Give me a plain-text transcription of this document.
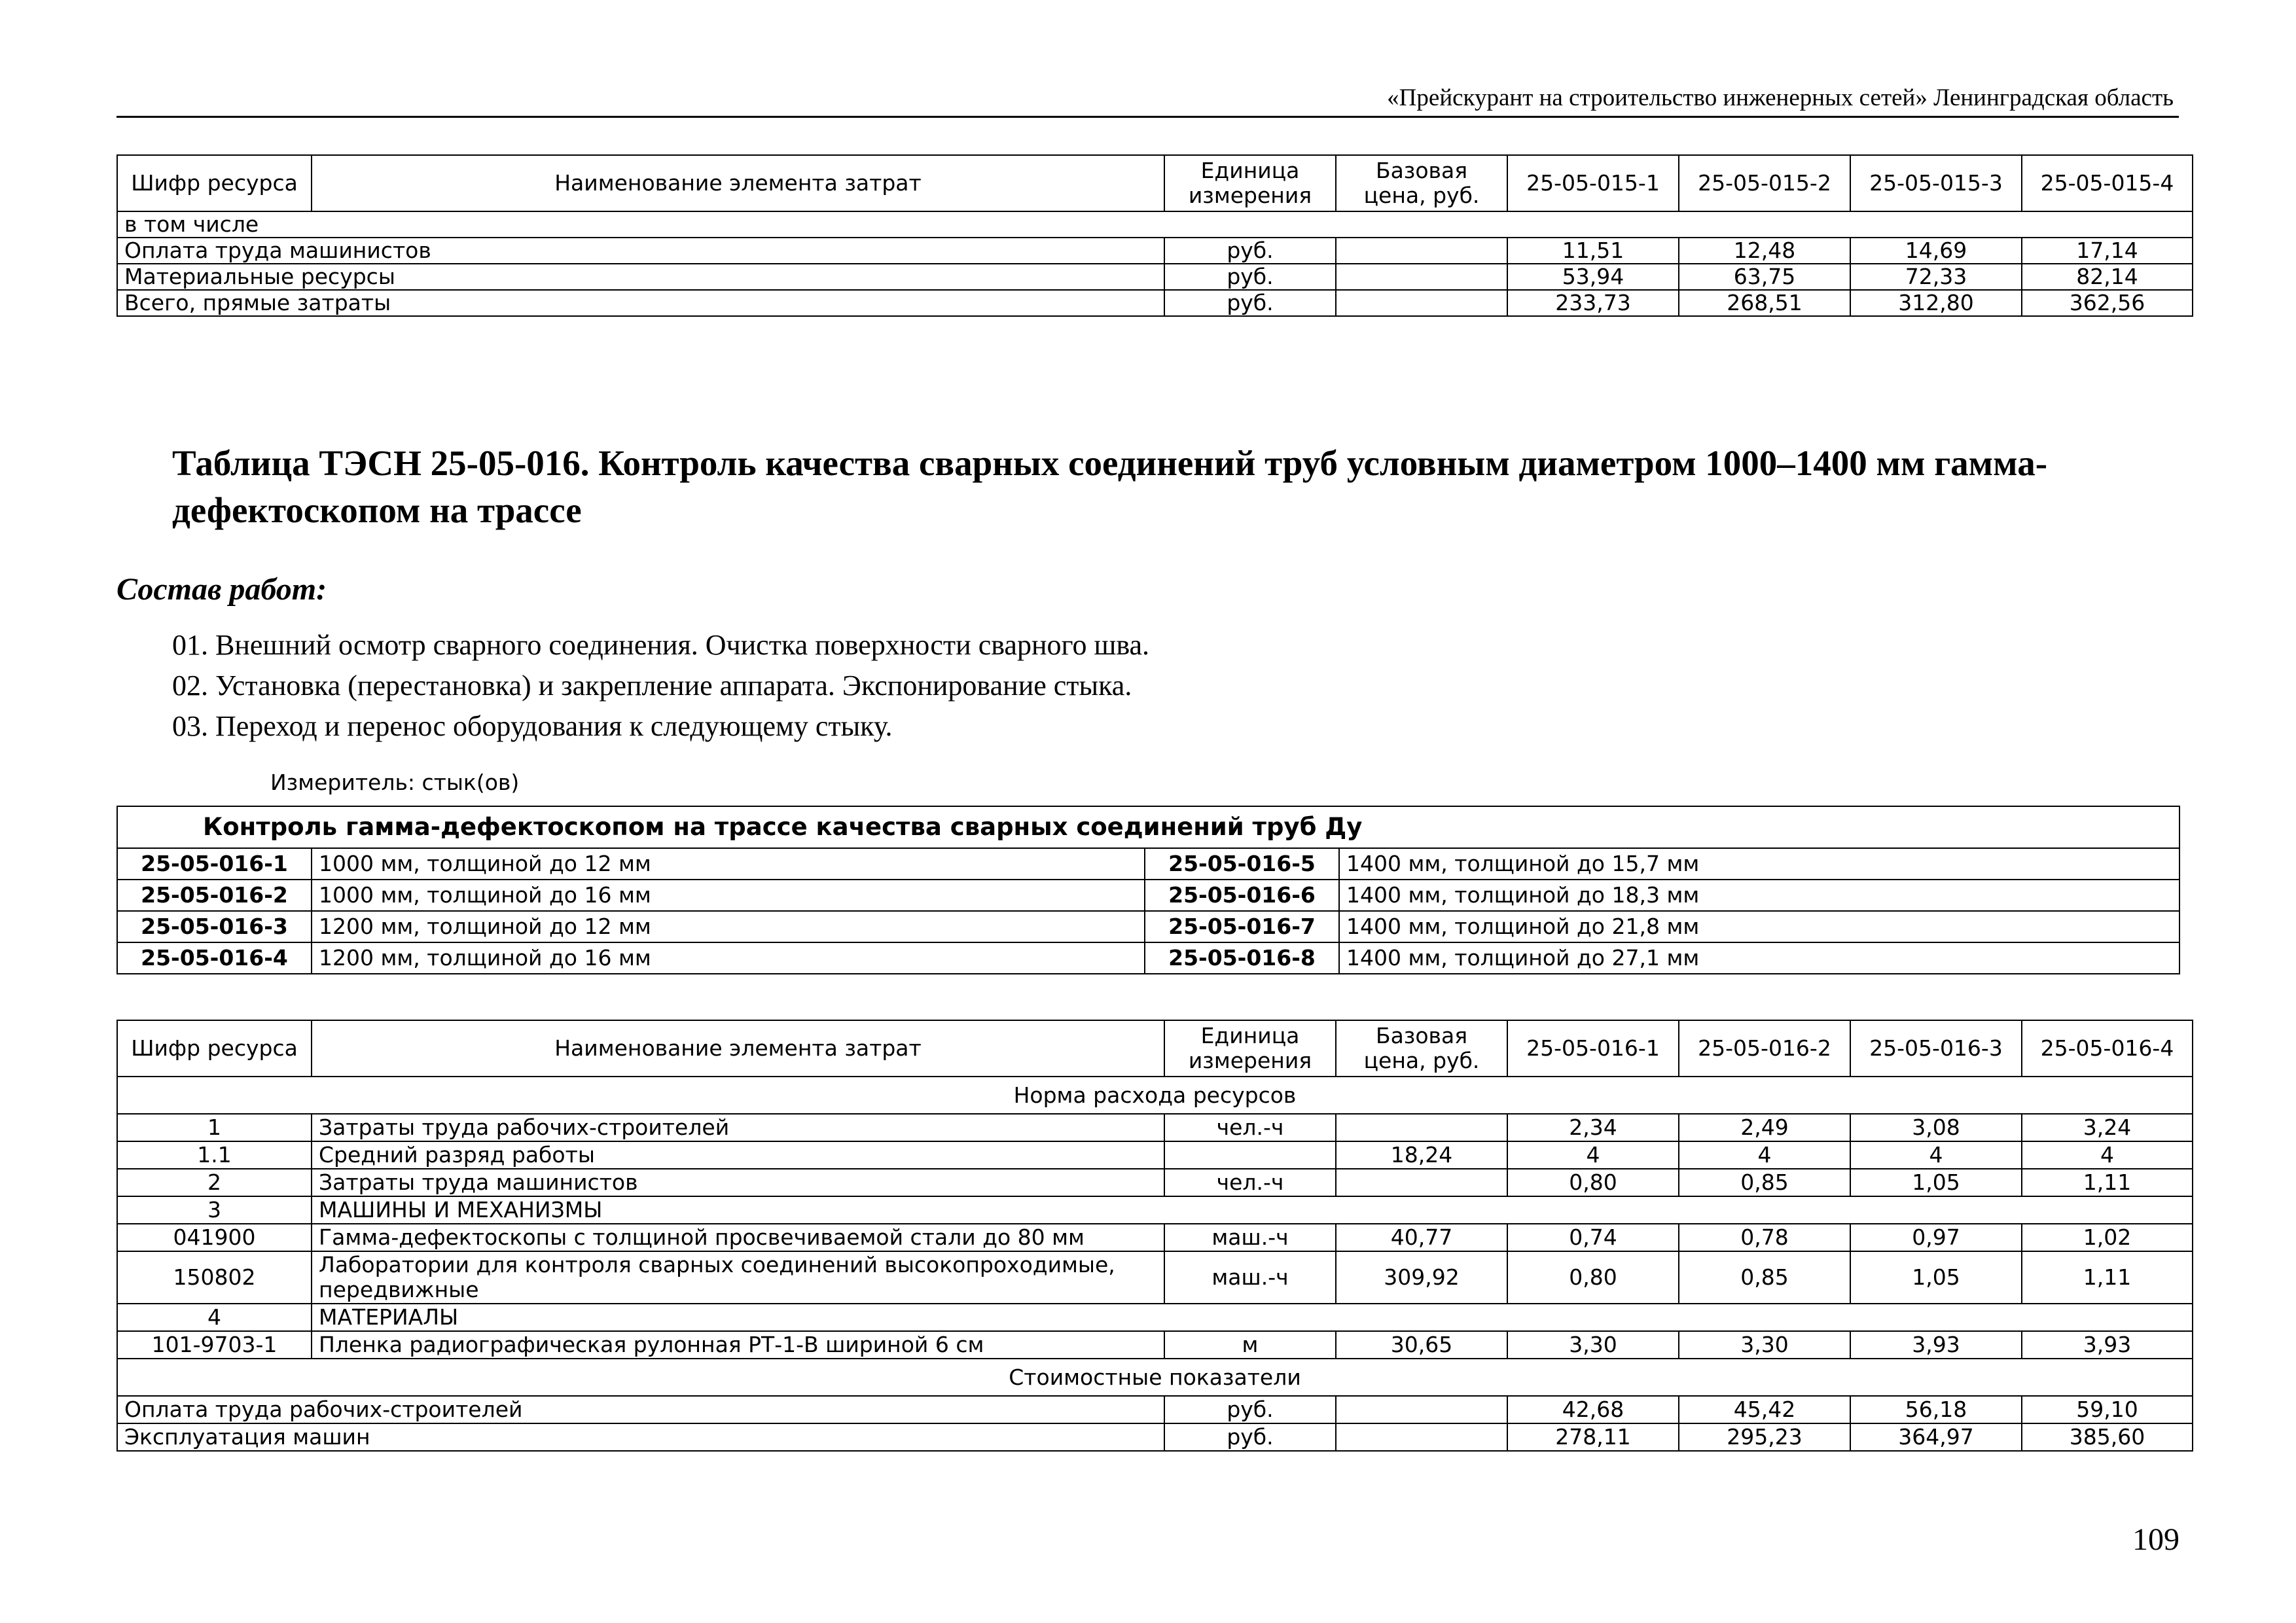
«Прейскурант на строительство инженерных сетей» Ленинградская область
Шифр ресурса	Наименование элемента затрат	Единица измерения	Базовая цена, руб.	25-05-015-1	25-05-015-2	25-05-015-3	25-05-015-4
в том числе							
Оплата труда машинистов		руб.		11,51	12,48	14,69	17,14
Материальные ресурсы		руб.		53,94	63,75	72,33	82,14
Всего, прямые затраты		руб.		233,73	268,51	312,80	362,56
Таблица ТЭСН 25-05-016. Контроль качества сварных соединений труб условным диаметром 1000–1400 мм гамма-дефектоскопом на трассе
Состав работ:
01. Внешний осмотр сварного соединения. Очистка поверхности сварного шва.
02. Установка (перестановка) и закрепление аппарата. Экспонирование стыка.
03. Переход и перенос оборудования к следующему стыку.
Измеритель: стык(ов)
Контроль гамма-дефектоскопом на трассе качества сварных соединений труб Ду			
25-05-016-1	1000 мм, толщиной до 12 мм	25-05-016-5	1400 мм, толщиной до 15,7 мм
25-05-016-2	1000 мм, толщиной до 16 мм	25-05-016-6	1400 мм, толщиной до 18,3 мм
25-05-016-3	1200 мм, толщиной до 12 мм	25-05-016-7	1400 мм, толщиной до 21,8 мм
25-05-016-4	1200 мм, толщиной до 16 мм	25-05-016-8	1400 мм, толщиной до 27,1 мм
Шифр ресурса	Наименование элемента затрат	Единица измерения	Базовая цена, руб.	25-05-016-1	25-05-016-2	25-05-016-3	25-05-016-4
Норма расхода ресурсов							
1	Затраты труда рабочих-строителей	чел.-ч		2,34	2,49	3,08	3,24
1.1	Средний разряд работы		18,24	4	4	4	4
2	Затраты труда машинистов	чел.-ч		0,80	0,85	1,05	1,11
3	МАШИНЫ И МЕХАНИЗМЫ						
041900	Гамма-дефектоскопы с толщиной просвечиваемой стали до 80 мм	маш.-ч	40,77	0,74	0,78	0,97	1,02
150802	Лаборатории для контроля сварных соединений высокопроходимые, передвижные	маш.-ч	309,92	0,80	0,85	1,05	1,11
4	МАТЕРИАЛЫ						
101-9703-1	Пленка радиографическая рулонная РТ-1-В шириной 6 см	м	30,65	3,30	3,30	3,93	3,93
Стоимостные показатели							
Оплата труда рабочих-строителей		руб.		42,68	45,42	56,18	59,10
Эксплуатация машин		руб.		278,11	295,23	364,97	385,60
109
